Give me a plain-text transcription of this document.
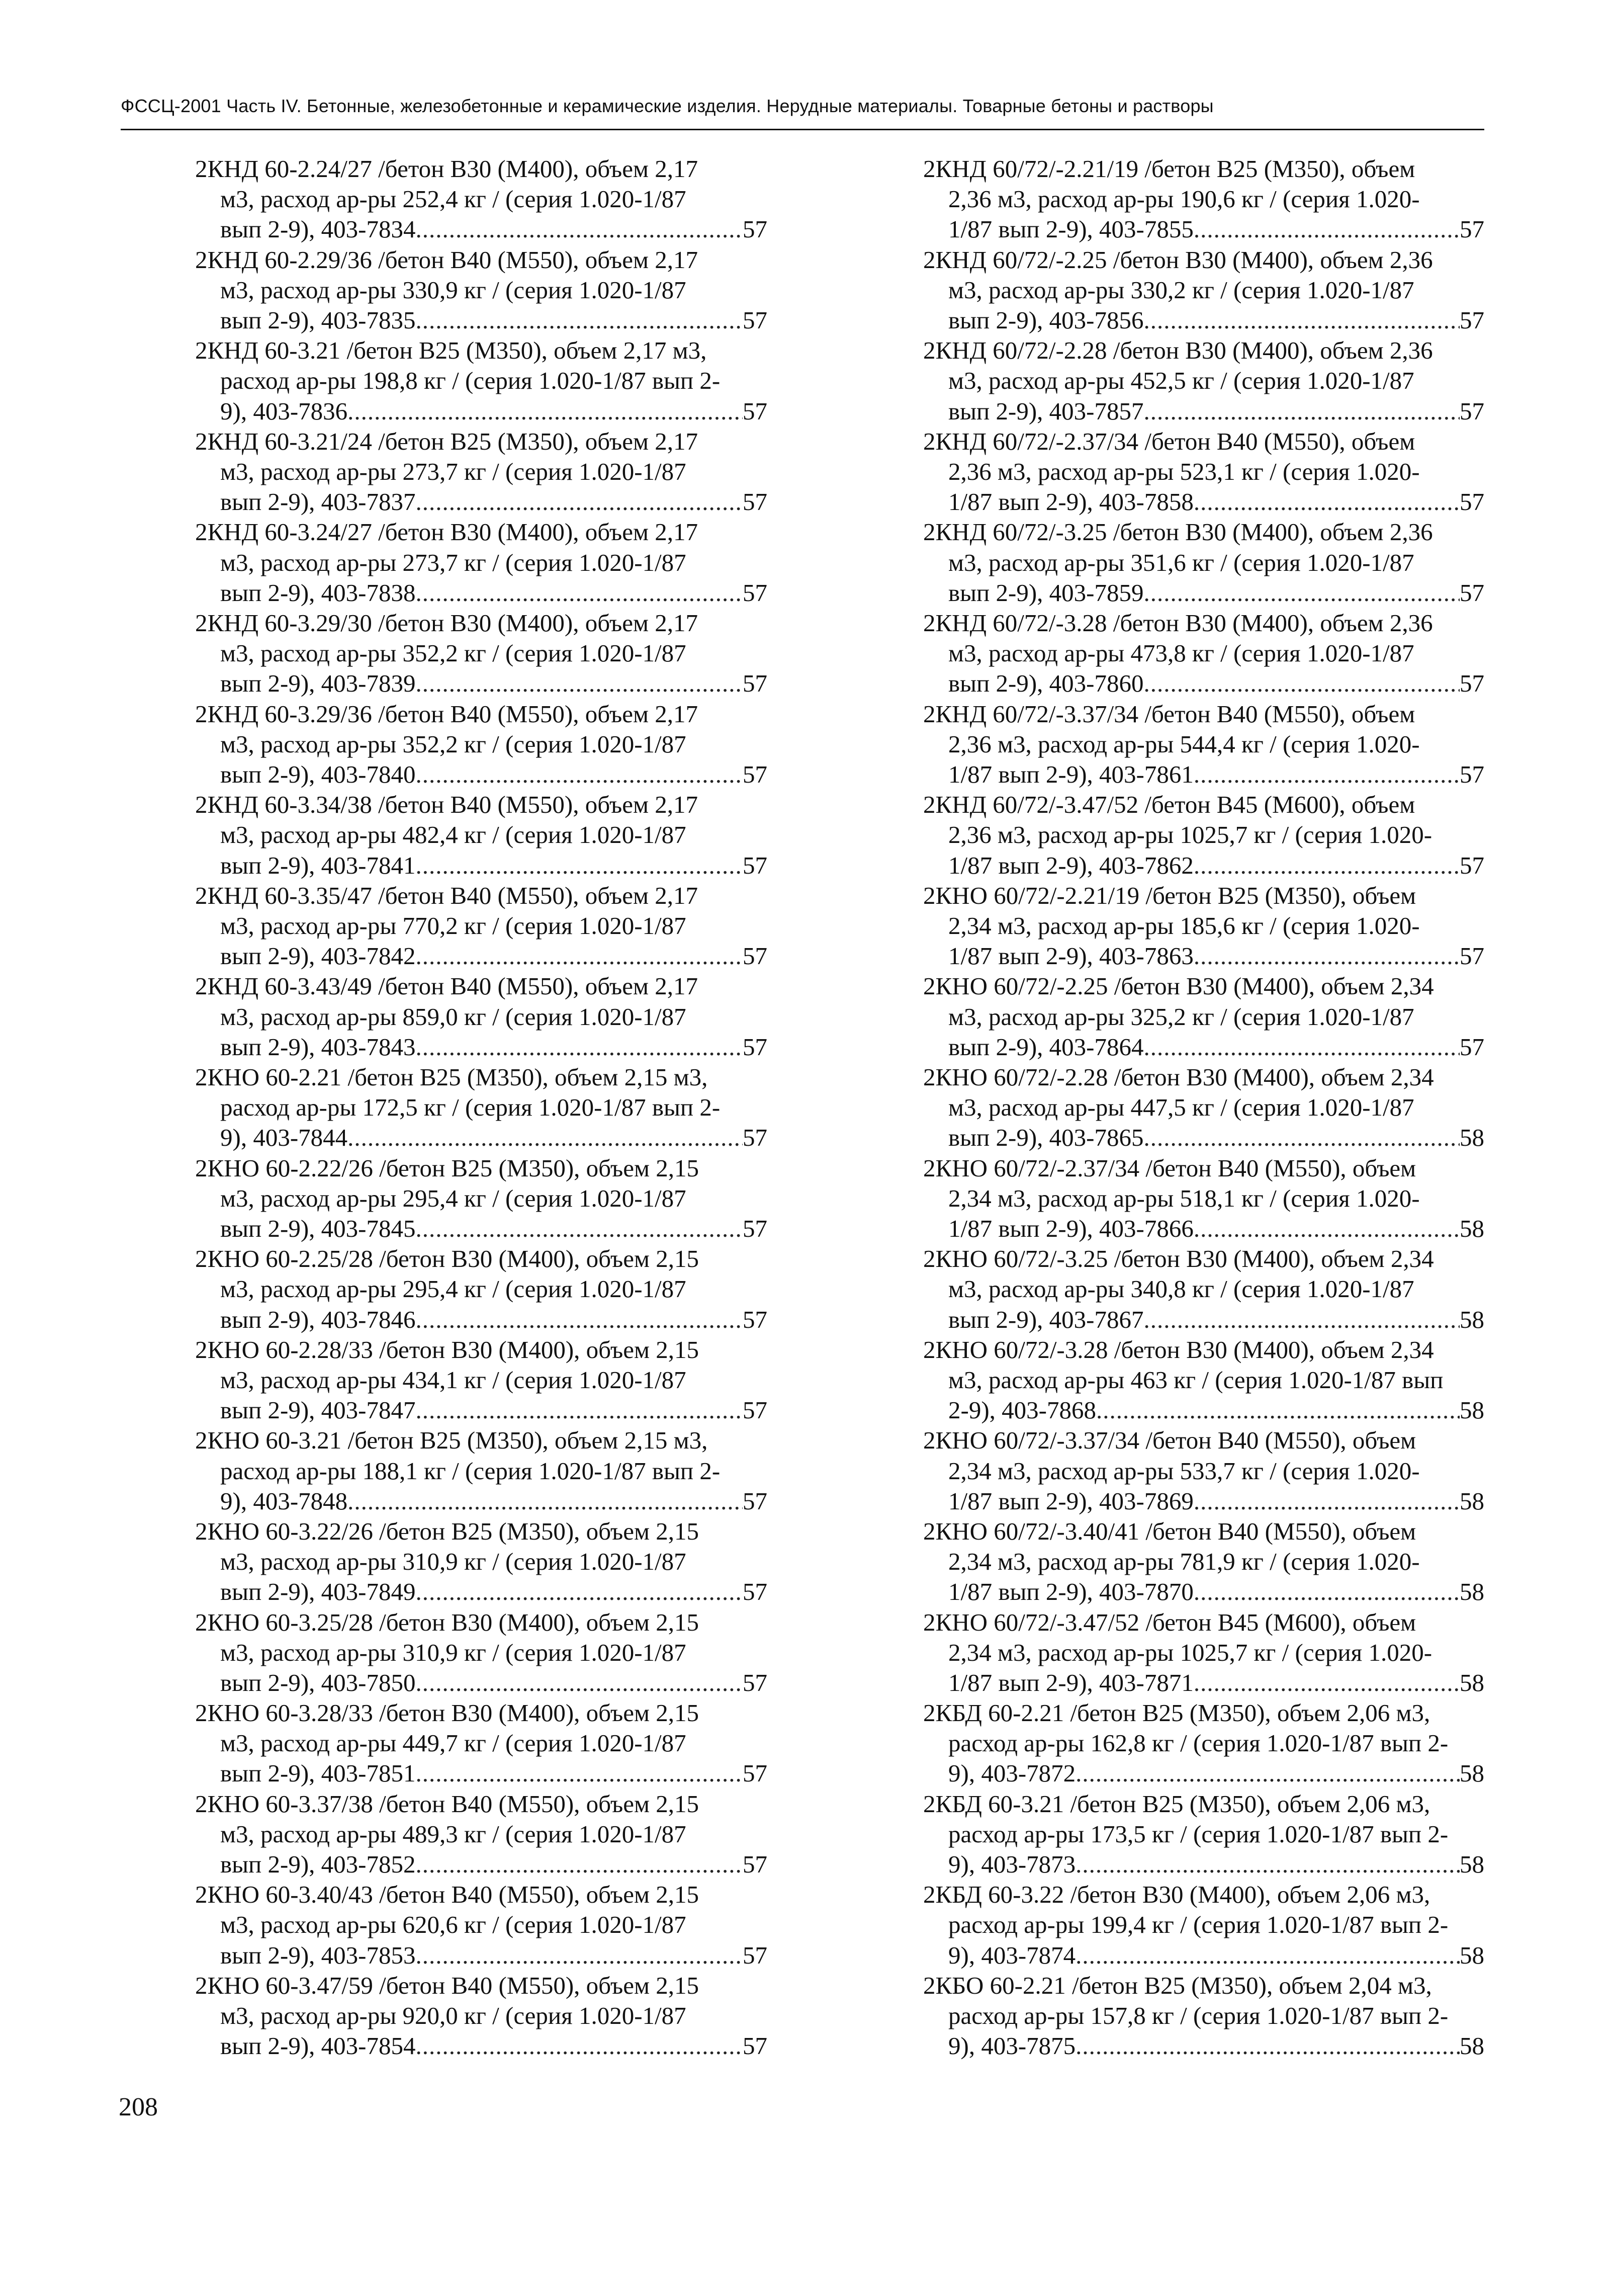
ФССЦ-2001 Часть IV. Бетонные, железобетонные и керамические изделия. Нерудные материалы. Товарные бетоны и растворы
2КНД 60-2.24/27 /бетон В30 (М400), объем 2,17
м3, расход ар-ры 252,4 кг / (серия 1.020-1/87
вып 2-9), 403-7834 .....	57
2КНД 60-2.29/36 /бетон В40 (М550), объем 2,17
м3, расход ар-ры 330,9 кг / (серия 1.020-1/87
вып 2-9), 403-7835 .....	57
2КНД 60-3.21 /бетон В25 (М350), объем 2,17 м3,
расход ар-ры 198,8 кг / (серия 1.020-1/87 вып 2-
9), 403-7836 .....	57
2КНД 60-3.21/24 /бетон В25 (М350), объем 2,17
м3, расход ар-ры 273,7 кг / (серия 1.020-1/87
вып 2-9), 403-7837 .....	57
2КНД 60-3.24/27 /бетон В30 (М400), объем 2,17
м3, расход ар-ры 273,7 кг / (серия 1.020-1/87
вып 2-9), 403-7838 .....	57
2КНД 60-3.29/30 /бетон В30 (М400), объем 2,17
м3, расход ар-ры 352,2 кг / (серия 1.020-1/87
вып 2-9), 403-7839 .....	57
2КНД 60-3.29/36 /бетон В40 (М550), объем 2,17
м3, расход ар-ры 352,2 кг / (серия 1.020-1/87
вып 2-9), 403-7840 .....	57
2КНД 60-3.34/38 /бетон В40 (М550), объем 2,17
м3, расход ар-ры 482,4 кг / (серия 1.020-1/87
вып 2-9), 403-7841 .....	57
2КНД 60-3.35/47 /бетон В40 (М550), объем 2,17
м3, расход ар-ры 770,2 кг / (серия 1.020-1/87
вып 2-9), 403-7842 .....	57
2КНД 60-3.43/49 /бетон В40 (М550), объем 2,17
м3, расход ар-ры 859,0 кг / (серия 1.020-1/87
вып 2-9), 403-7843 .....	57
2КНО 60-2.21 /бетон В25 (М350), объем 2,15 м3,
расход ар-ры 172,5 кг / (серия 1.020-1/87 вып 2-
9), 403-7844 .....	57
2КНО 60-2.22/26 /бетон В25 (М350), объем 2,15
м3, расход ар-ры 295,4 кг / (серия 1.020-1/87
вып 2-9), 403-7845 .....	57
2КНО 60-2.25/28 /бетон В30 (М400), объем 2,15
м3, расход ар-ры 295,4 кг / (серия 1.020-1/87
вып 2-9), 403-7846 .....	57
2КНО 60-2.28/33 /бетон В30 (М400), объем 2,15
м3, расход ар-ры 434,1 кг / (серия 1.020-1/87
вып 2-9), 403-7847 .....	57
2КНО 60-3.21 /бетон В25 (М350), объем 2,15 м3,
расход ар-ры 188,1 кг / (серия 1.020-1/87 вып 2-
9), 403-7848 .....	57
2КНО 60-3.22/26 /бетон В25 (М350), объем 2,15
м3, расход ар-ры 310,9 кг / (серия 1.020-1/87
вып 2-9), 403-7849 .....	57
2КНО 60-3.25/28 /бетон В30 (М400), объем 2,15
м3, расход ар-ры 310,9 кг / (серия 1.020-1/87
вып 2-9), 403-7850 .....	57
2КНО 60-3.28/33 /бетон В30 (М400), объем 2,15
м3, расход ар-ры 449,7 кг / (серия 1.020-1/87
вып 2-9), 403-7851 .....	57
2КНО 60-3.37/38 /бетон В40 (М550), объем 2,15
м3, расход ар-ры 489,3 кг / (серия 1.020-1/87
вып 2-9), 403-7852 .....	57
2КНО 60-3.40/43 /бетон В40 (М550), объем 2,15
м3, расход ар-ры 620,6 кг / (серия 1.020-1/87
вып 2-9), 403-7853 .....	57
2КНО 60-3.47/59 /бетон В40 (М550), объем 2,15
м3, расход ар-ры 920,0 кг / (серия 1.020-1/87
вып 2-9), 403-7854 .....	57
2КНД 60/72/-2.21/19 /бетон В25 (М350), объем
2,36 м3, расход ар-ры 190,6 кг / (серия 1.020-
1/87 вып 2-9), 403-7855 .....	57
2КНД 60/72/-2.25 /бетон В30 (М400), объем 2,36
м3, расход ар-ры 330,2 кг / (серия 1.020-1/87
вып 2-9), 403-7856 .....	57
2КНД 60/72/-2.28 /бетон В30 (М400), объем 2,36
м3, расход ар-ры 452,5 кг / (серия 1.020-1/87
вып 2-9), 403-7857 .....	57
2КНД 60/72/-2.37/34 /бетон В40 (М550), объем
2,36 м3, расход ар-ры 523,1 кг / (серия 1.020-
1/87 вып 2-9), 403-7858 .....	57
2КНД 60/72/-3.25 /бетон В30 (М400), объем 2,36
м3, расход ар-ры 351,6 кг / (серия 1.020-1/87
вып 2-9), 403-7859 .....	57
2КНД 60/72/-3.28 /бетон В30 (М400), объем 2,36
м3, расход ар-ры 473,8 кг / (серия 1.020-1/87
вып 2-9), 403-7860 .....	57
2КНД 60/72/-3.37/34 /бетон В40 (М550), объем
2,36 м3, расход ар-ры 544,4 кг / (серия 1.020-
1/87 вып 2-9), 403-7861 .....	57
2КНД 60/72/-3.47/52 /бетон В45 (М600), объем
2,36 м3, расход ар-ры 1025,7 кг / (серия 1.020-
1/87 вып 2-9), 403-7862 .....	57
2КНО 60/72/-2.21/19 /бетон В25 (М350), объем
2,34 м3, расход ар-ры 185,6 кг / (серия 1.020-
1/87 вып 2-9), 403-7863 .....	57
2КНО 60/72/-2.25 /бетон В30 (М400), объем 2,34
м3, расход ар-ры 325,2 кг / (серия 1.020-1/87
вып 2-9), 403-7864 .....	57
2КНО 60/72/-2.28 /бетон В30 (М400), объем 2,34
м3, расход ар-ры 447,5 кг / (серия 1.020-1/87
вып 2-9), 403-7865 .....	58
2КНО 60/72/-2.37/34 /бетон В40 (М550), объем
2,34 м3, расход ар-ры 518,1 кг / (серия 1.020-
1/87 вып 2-9), 403-7866 .....	58
2КНО 60/72/-3.25 /бетон В30 (М400), объем 2,34
м3, расход ар-ры 340,8 кг / (серия 1.020-1/87
вып 2-9), 403-7867 .....	58
2КНО 60/72/-3.28 /бетон В30 (М400), объем 2,34
м3, расход ар-ры 463 кг / (серия 1.020-1/87 вып
2-9), 403-7868 .....	58
2КНО 60/72/-3.37/34 /бетон В40 (М550), объем
2,34 м3, расход ар-ры 533,7 кг / (серия 1.020-
1/87 вып 2-9), 403-7869 .....	58
2КНО 60/72/-3.40/41 /бетон В40 (М550), объем
2,34 м3, расход ар-ры 781,9 кг / (серия 1.020-
1/87 вып 2-9), 403-7870 .....	58
2КНО 60/72/-3.47/52 /бетон В45 (М600), объем
2,34 м3, расход ар-ры 1025,7 кг / (серия 1.020-
1/87 вып 2-9), 403-7871 .....	58
2КБД 60-2.21 /бетон В25 (М350), объем 2,06 м3,
расход ар-ры 162,8 кг / (серия 1.020-1/87 вып 2-
9), 403-7872 .....	58
2КБД 60-3.21 /бетон В25 (М350), объем 2,06 м3,
расход ар-ры 173,5 кг / (серия 1.020-1/87 вып 2-
9), 403-7873 .....	58
2КБД 60-3.22 /бетон В30 (М400), объем 2,06 м3,
расход ар-ры 199,4 кг / (серия 1.020-1/87 вып 2-
9), 403-7874 .....	58
2КБО 60-2.21 /бетон В25 (М350), объем 2,04 м3,
расход ар-ры 157,8 кг / (серия 1.020-1/87 вып 2-
9), 403-7875 .....	58
208
